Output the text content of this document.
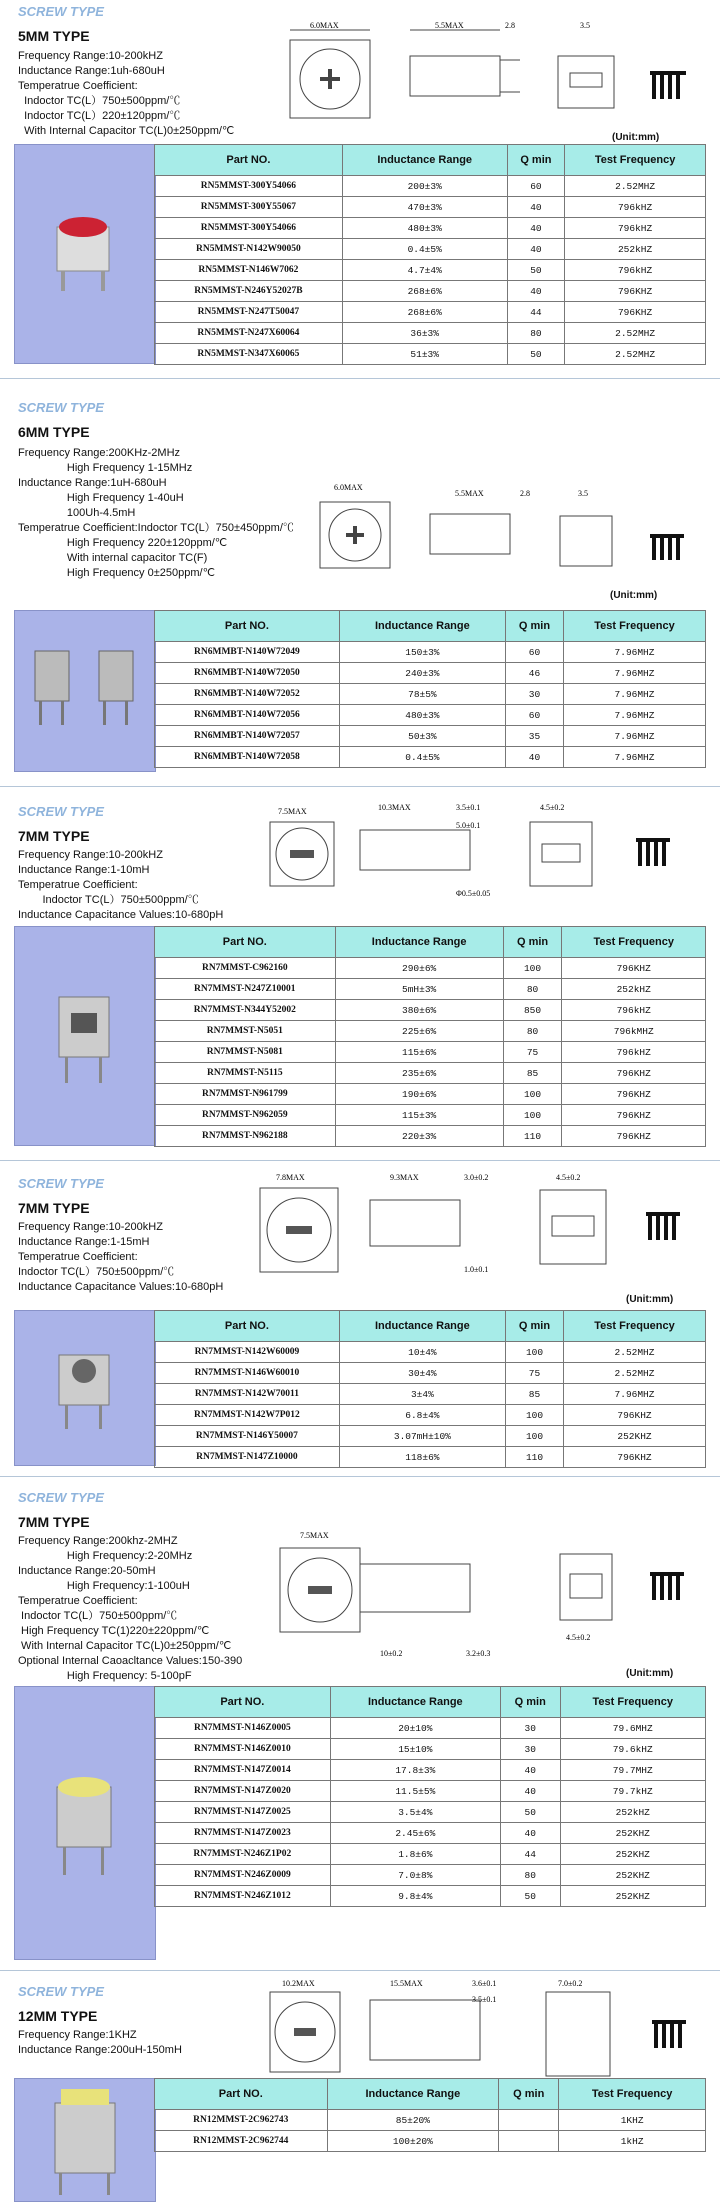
SCREW TYPE
5MM TYPE
Frequency Range:10-200kHZ
Inductance Range:1uh-680uH
Temperatrue Coefficient:
Indoctor TC(L）750±500ppm/℃
Indoctor TC(L）220±120ppm/℃
With Internal Capacitor TC(L)0±250ppm/℃
6.0MAX	5.5MAX	2.8	3.5
(Unit:mm)
Part NO.	Inductance Range	Q min	Test Frequency
RN5MMST-300Y54066	200±3%	60	2.52MHZ
RN5MMST-300Y55067	470±3%	40	796kHZ
RN5MMST-300Y54066	480±3%	40	796kHZ
RN5MMST-N142W90050	0.4±5%	40	252kHZ
RN5MMST-N146W7062	4.7±4%	50	796kHZ
RN5MMST-N246Y52027B	268±6%	40	796KHZ
RN5MMST-N247T50047	268±6%	44	796KHZ
RN5MMST-N247X60064	36±3%	80	2.52MHZ
RN5MMST-N347X60065	51±3%	50	2.52MHZ
SCREW TYPE
6MM TYPE
Frequency Range:200KHz-2MHz
High Frequency 1-15MHz
Inductance Range:1uH-680uH
High Frequency 1-40uH
100Uh-4.5mH
Temperatrue Coefficient:Indoctor TC(L）750±450ppm/℃
High Frequency 220±120ppm/℃
With internal capacitor TC(F)
High Frequency 0±250ppm/℃
6.0MAX
5.5MAX	2.8	3.5
(Unit:mm)
Part NO.	Inductance Range	Q min	Test Frequency
RN6MMBT-N140W72049	150±3%	60	7.96MHZ
RN6MMBT-N140W72050	240±3%	46	7.96MHZ
RN6MMBT-N140W72052	78±5%	30	7.96MHZ
RN6MMBT-N140W72056	480±3%	60	7.96MHZ
RN6MMBT-N140W72057	50±3%	35	7.96MHZ
RN6MMBT-N140W72058	0.4±5%	40	7.96MHZ
SCREW TYPE
7MM TYPE
Frequency Range:10-200kHZ
Inductance Range:1-10mH
Temperatrue Coefficient:
Indoctor TC(L）750±500ppm/℃
Inductance Capacitance Values:10-680pH
7.5MAX	10.3MAX	3.5±0.1
5.0±0.1
Φ0.5±0.05
4.5±0.2
Part NO.	Inductance Range	Q min	Test Frequency
RN7MMST-C962160	290±6%	100	796KHZ
RN7MMST-N247Z10001	5mH±3%	80	252kHZ
RN7MMST-N344Y52002	380±6%	850	796kHZ
RN7MMST-N5051	225±6%	80	796kMHZ
RN7MMST-N5081	115±6%	75	796kHZ
RN7MMST-N5115	235±6%	85	796KHZ
RN7MMST-N961799	190±6%	100	796KHZ
RN7MMST-N962059	115±3%	100	796KHZ
RN7MMST-N962188	220±3%	110	796KHZ
SCREW TYPE
7MM TYPE
Frequency Range:10-200kHZ
Inductance Range:1-15mH
Temperatrue Coefficient:
Indoctor TC(L）750±500ppm/℃
Inductance Capacitance Values:10-680pH
7.8MAX	9.3MAX	3.0±0.2
1.0±0.1
4.5±0.2
(Unit:mm)
Part NO.	Inductance Range	Q min	Test Frequency
RN7MMST-N142W60009	10±4%	100	2.52MHZ
RN7MMST-N146W60010	30±4%	75	2.52MHZ
RN7MMST-N142W70011	3±4%	85	7.96MHZ
RN7MMST-N142W7P012	6.8±4%	100	796KHZ
RN7MMST-N146Y50007	3.07mH±10%	100	252KHZ
RN7MMST-N147Z10000	118±6%	110	796KHZ
SCREW TYPE
7MM TYPE
Frequency Range:200khz-2MHZ
High Frequency:2-20MHz
Inductance Range:20-50mH
High Frequency:1-100uH
Temperatrue Coefficient:
Indoctor TC(L）750±500ppm/℃
High Frequency TC(1)220±220ppm/℃
With Internal Capacitor TC(L)0±250ppm/℃
Optional Internal Caoacltance Values:150-390
High Frequency: 5-100pF
7.5MAX
10±0.2	3.2±0.3
4.5±0.2
(Unit:mm)
Part NO.	Inductance Range	Q min	Test Frequency
RN7MMST-N146Z0005	20±10%	30	79.6MHZ
RN7MMST-N146Z0010	15±10%	30	79.6kHZ
RN7MMST-N147Z0014	17.8±3%	40	79.7MHZ
RN7MMST-N147Z0020	11.5±5%	40	79.7kHZ
RN7MMST-N147Z0025	3.5±4%	50	252kHZ
RN7MMST-N147Z0023	2.45±6%	40	252KHZ
RN7MMST-N246Z1P02	1.8±6%	44	252KHZ
RN7MMST-N246Z0009	7.0±8%	80	252KHZ
RN7MMST-N246Z1012	9.8±4%	50	252KHZ
SCREW TYPE
12MM TYPE
Frequency Range:1KHZ
Inductance Range:200uH-150mH
10.2MAX	15.5MAX	3.6±0.1
3.5±0.1
7.0±0.2
Part NO.	Inductance Range	Q min	Test Frequency
RN12MMST-2C962743	85±20%		1KHZ
RN12MMST-2C962744	100±20%		1kHZ
